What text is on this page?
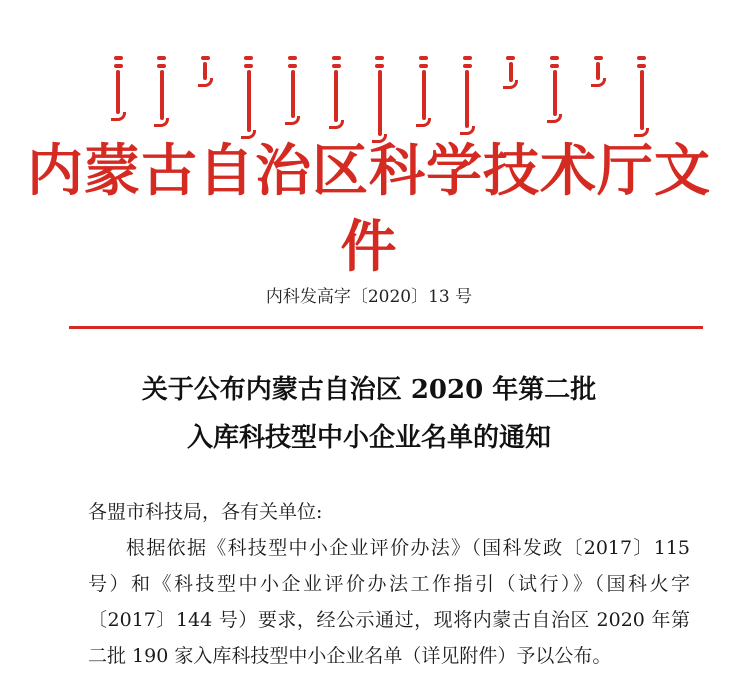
内蒙古自治区科学技术厅文件
内科发高字〔2020〕13 号
关于公布内蒙古自治区 2020 年第二批
入库科技型中小企业名单的通知
各盟市科技局，各有关单位:
根据依据《科技型中小企业评价办法》（国科发政〔2017〕115 号）和《科技型中小企业评价办法工作指引（试行）》（国科火字〔2017〕144 号）要求，经公示通过，现将内蒙古自治区 2020 年第二批 190 家入库科技型中小企业名单（详见附件）予以公布。
